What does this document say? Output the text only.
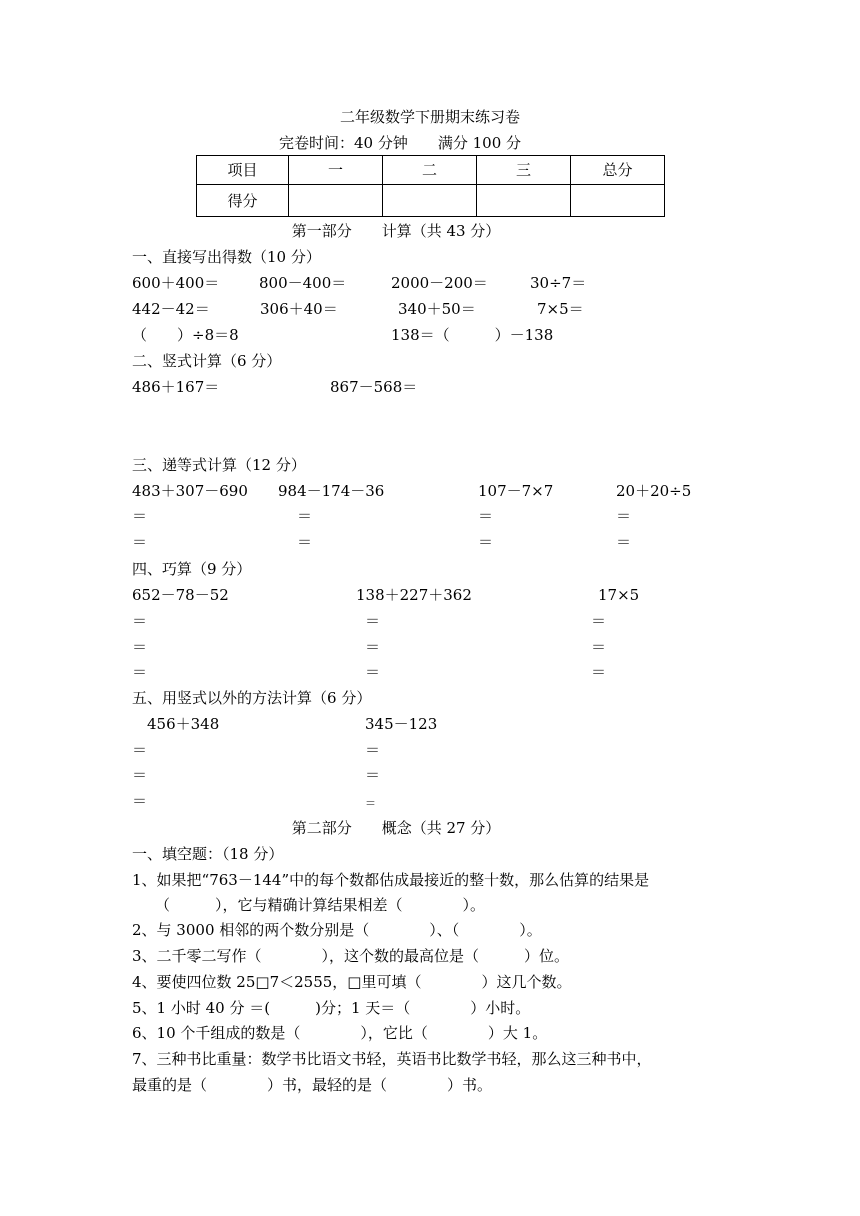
二年级数学下册期末练习卷
完卷时间：40 分钟　　满分 100 分
项目	一	二	三	总分
得分				
第一部分　　计算（共 43 分）
一、直接写出得数（10 分）
600＋400＝	800－400＝	2000－200＝	30÷7＝
442－42＝	306＋40＝	340＋50＝	7×5＝
（　　）÷8＝8	138＝（　　　）－138
二、竖式计算（6 分）
486＋167＝	867－568＝
三、递等式计算（12 分）
483＋307－690 984－174－36	107－7×7	20＋20÷5
＝	＝	＝	＝
＝	＝	＝	＝
四、巧算（9 分）
652－78－52	138＋227＋362	17×5
＝	＝	＝
＝	＝	＝
＝	＝	＝
五、用竖式以外的方法计算（6 分）
456＋348	345－123
＝	＝
＝	＝
＝	＝
第二部分　　概念（共 27 分）
一、填空题：（18 分）
1、如果把“763－144”中的每个数都估成最接近的整十数，那么估算的结果是
（　　　），它与精确计算结果相差（　　　　）。
2、与 3000 相邻的两个数分别是（　　　　）、（　　　　）。
3、二千零二写作（　　　　），这个数的最高位是（　　　）位。
4、要使四位数 25□7＜2555，□里可填（　　　　）这几个数。
5、1 小时 40 分 ＝(　　　)分；1 天＝（　　　　）小时。
6、10 个千组成的数是（　　　　），它比（　　　　）大 1。
7、三种书比重量：数学书比语文书轻，英语书比数学书轻，那么这三种书中，
最重的是（　　　　）书，最轻的是（　　　　）书。
